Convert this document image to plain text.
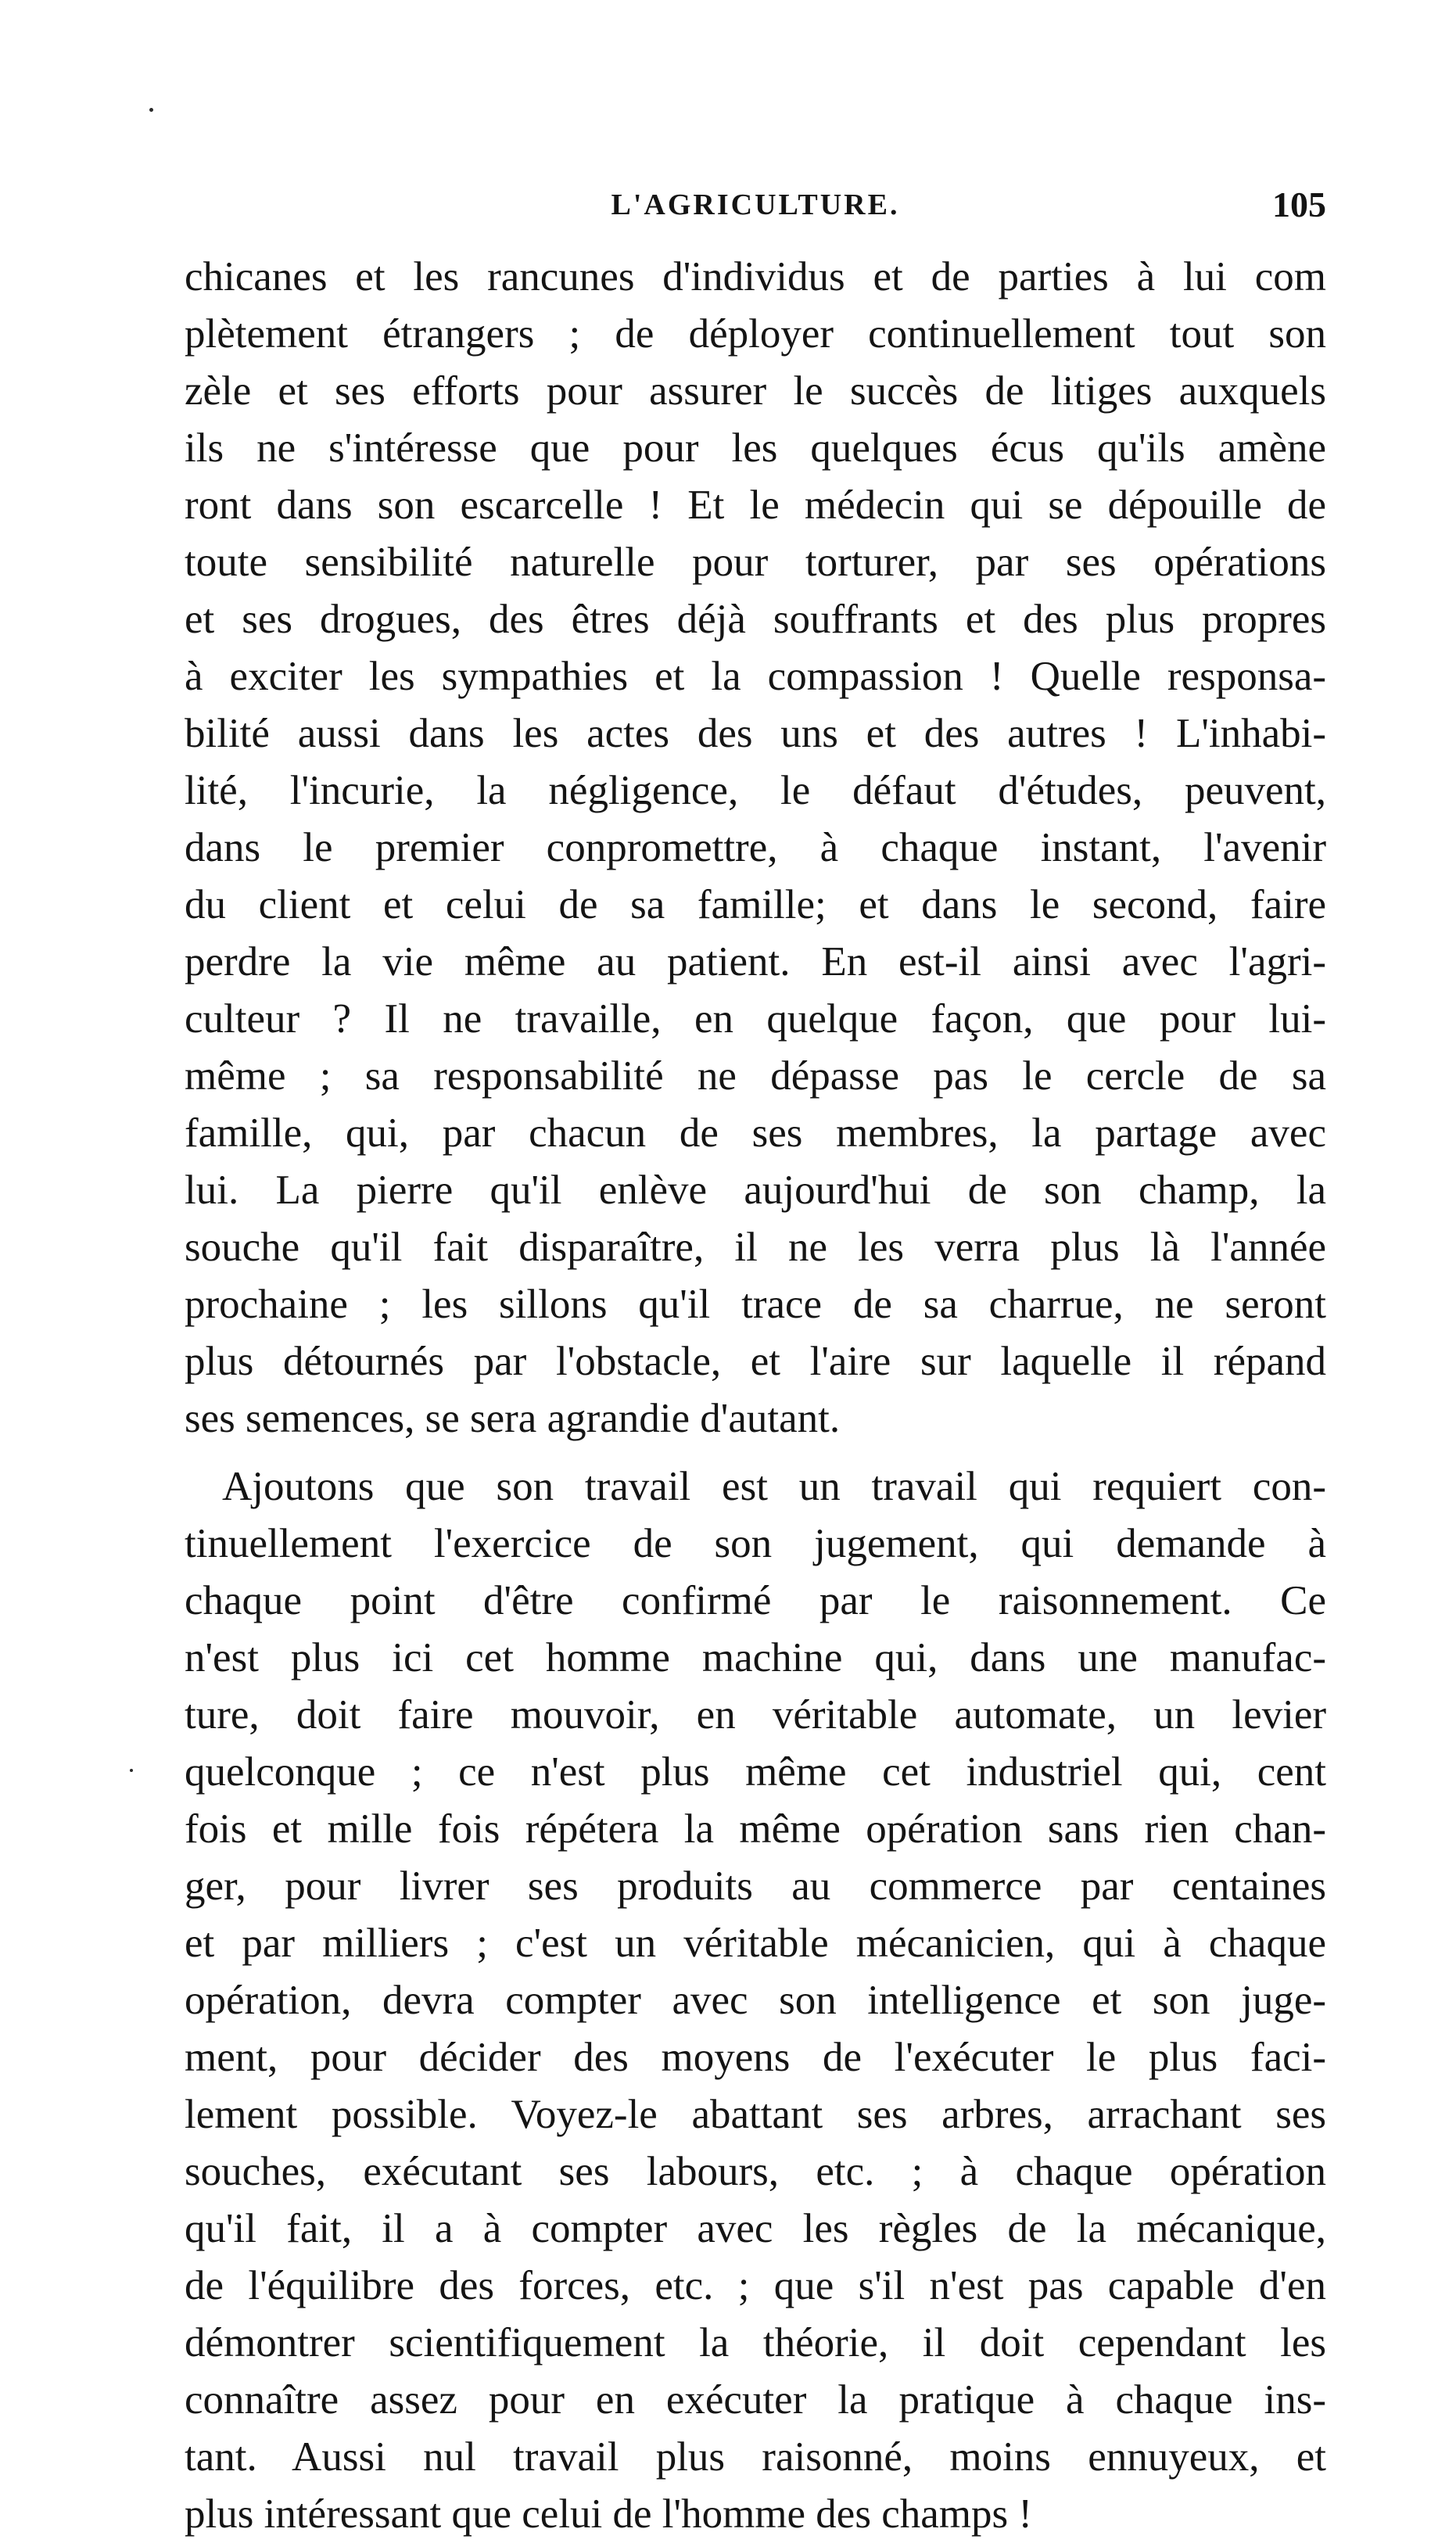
L'AGRICULTURE.	105
chicanes et les rancunes d'individus et de parties à lui com
plètement étrangers ; de déployer continuellement tout son
zèle et ses efforts pour assurer le succès de litiges auxquels
ils ne s'intéresse que pour les quelques écus qu'ils amène
ront dans son escarcelle ! Et le médecin qui se dépouille de
toute sensibilité naturelle pour torturer, par ses opérations
et ses drogues, des êtres déjà souffrants et des plus propres
à exciter les sympathies et la compassion ! Quelle responsa-
bilité aussi dans les actes des uns et des autres ! L'inhabi-
lité, l'incurie, la négligence, le défaut d'études, peuvent,
dans le premier conpromettre, à chaque instant, l'avenir
du client et celui de sa famille; et dans le second, faire
perdre la vie même au patient. En est-il ainsi avec l'agri-
culteur ? Il ne travaille, en quelque façon, que pour lui-
même ; sa responsabilité ne dépasse pas le cercle de sa
famille, qui, par chacun de ses membres, la partage avec
lui. La pierre qu'il enlève aujourd'hui de son champ, la
souche qu'il fait disparaître, il ne les verra plus là l'année
prochaine ; les sillons qu'il trace de sa charrue, ne seront
plus détournés par l'obstacle, et l'aire sur laquelle il répand
ses semences, se sera agrandie d'autant.
Ajoutons que son travail est un travail qui requiert con-
tinuellement l'exercice de son jugement, qui demande à
chaque point d'être confirmé par le raisonnement. Ce
n'est plus ici cet homme machine qui, dans une manufac-
ture, doit faire mouvoir, en véritable automate, un levier
quelconque ; ce n'est plus même cet industriel qui, cent
fois et mille fois répétera la même opération sans rien chan-
ger, pour livrer ses produits au commerce par centaines
et par milliers ; c'est un véritable mécanicien, qui à chaque
opération, devra compter avec son intelligence et son juge-
ment, pour décider des moyens de l'exécuter le plus faci-
lement possible. Voyez-le abattant ses arbres, arrachant ses
souches, exécutant ses labours, etc. ; à chaque opération
qu'il fait, il a à compter avec les règles de la mécanique,
de l'équilibre des forces, etc. ; que s'il n'est pas capable d'en
démontrer scientifiquement la théorie, il doit cependant les
connaître assez pour en exécuter la pratique à chaque ins-
tant. Aussi nul travail plus raisonné, moins ennuyeux, et
plus intéressant que celui de l'homme des champs !
